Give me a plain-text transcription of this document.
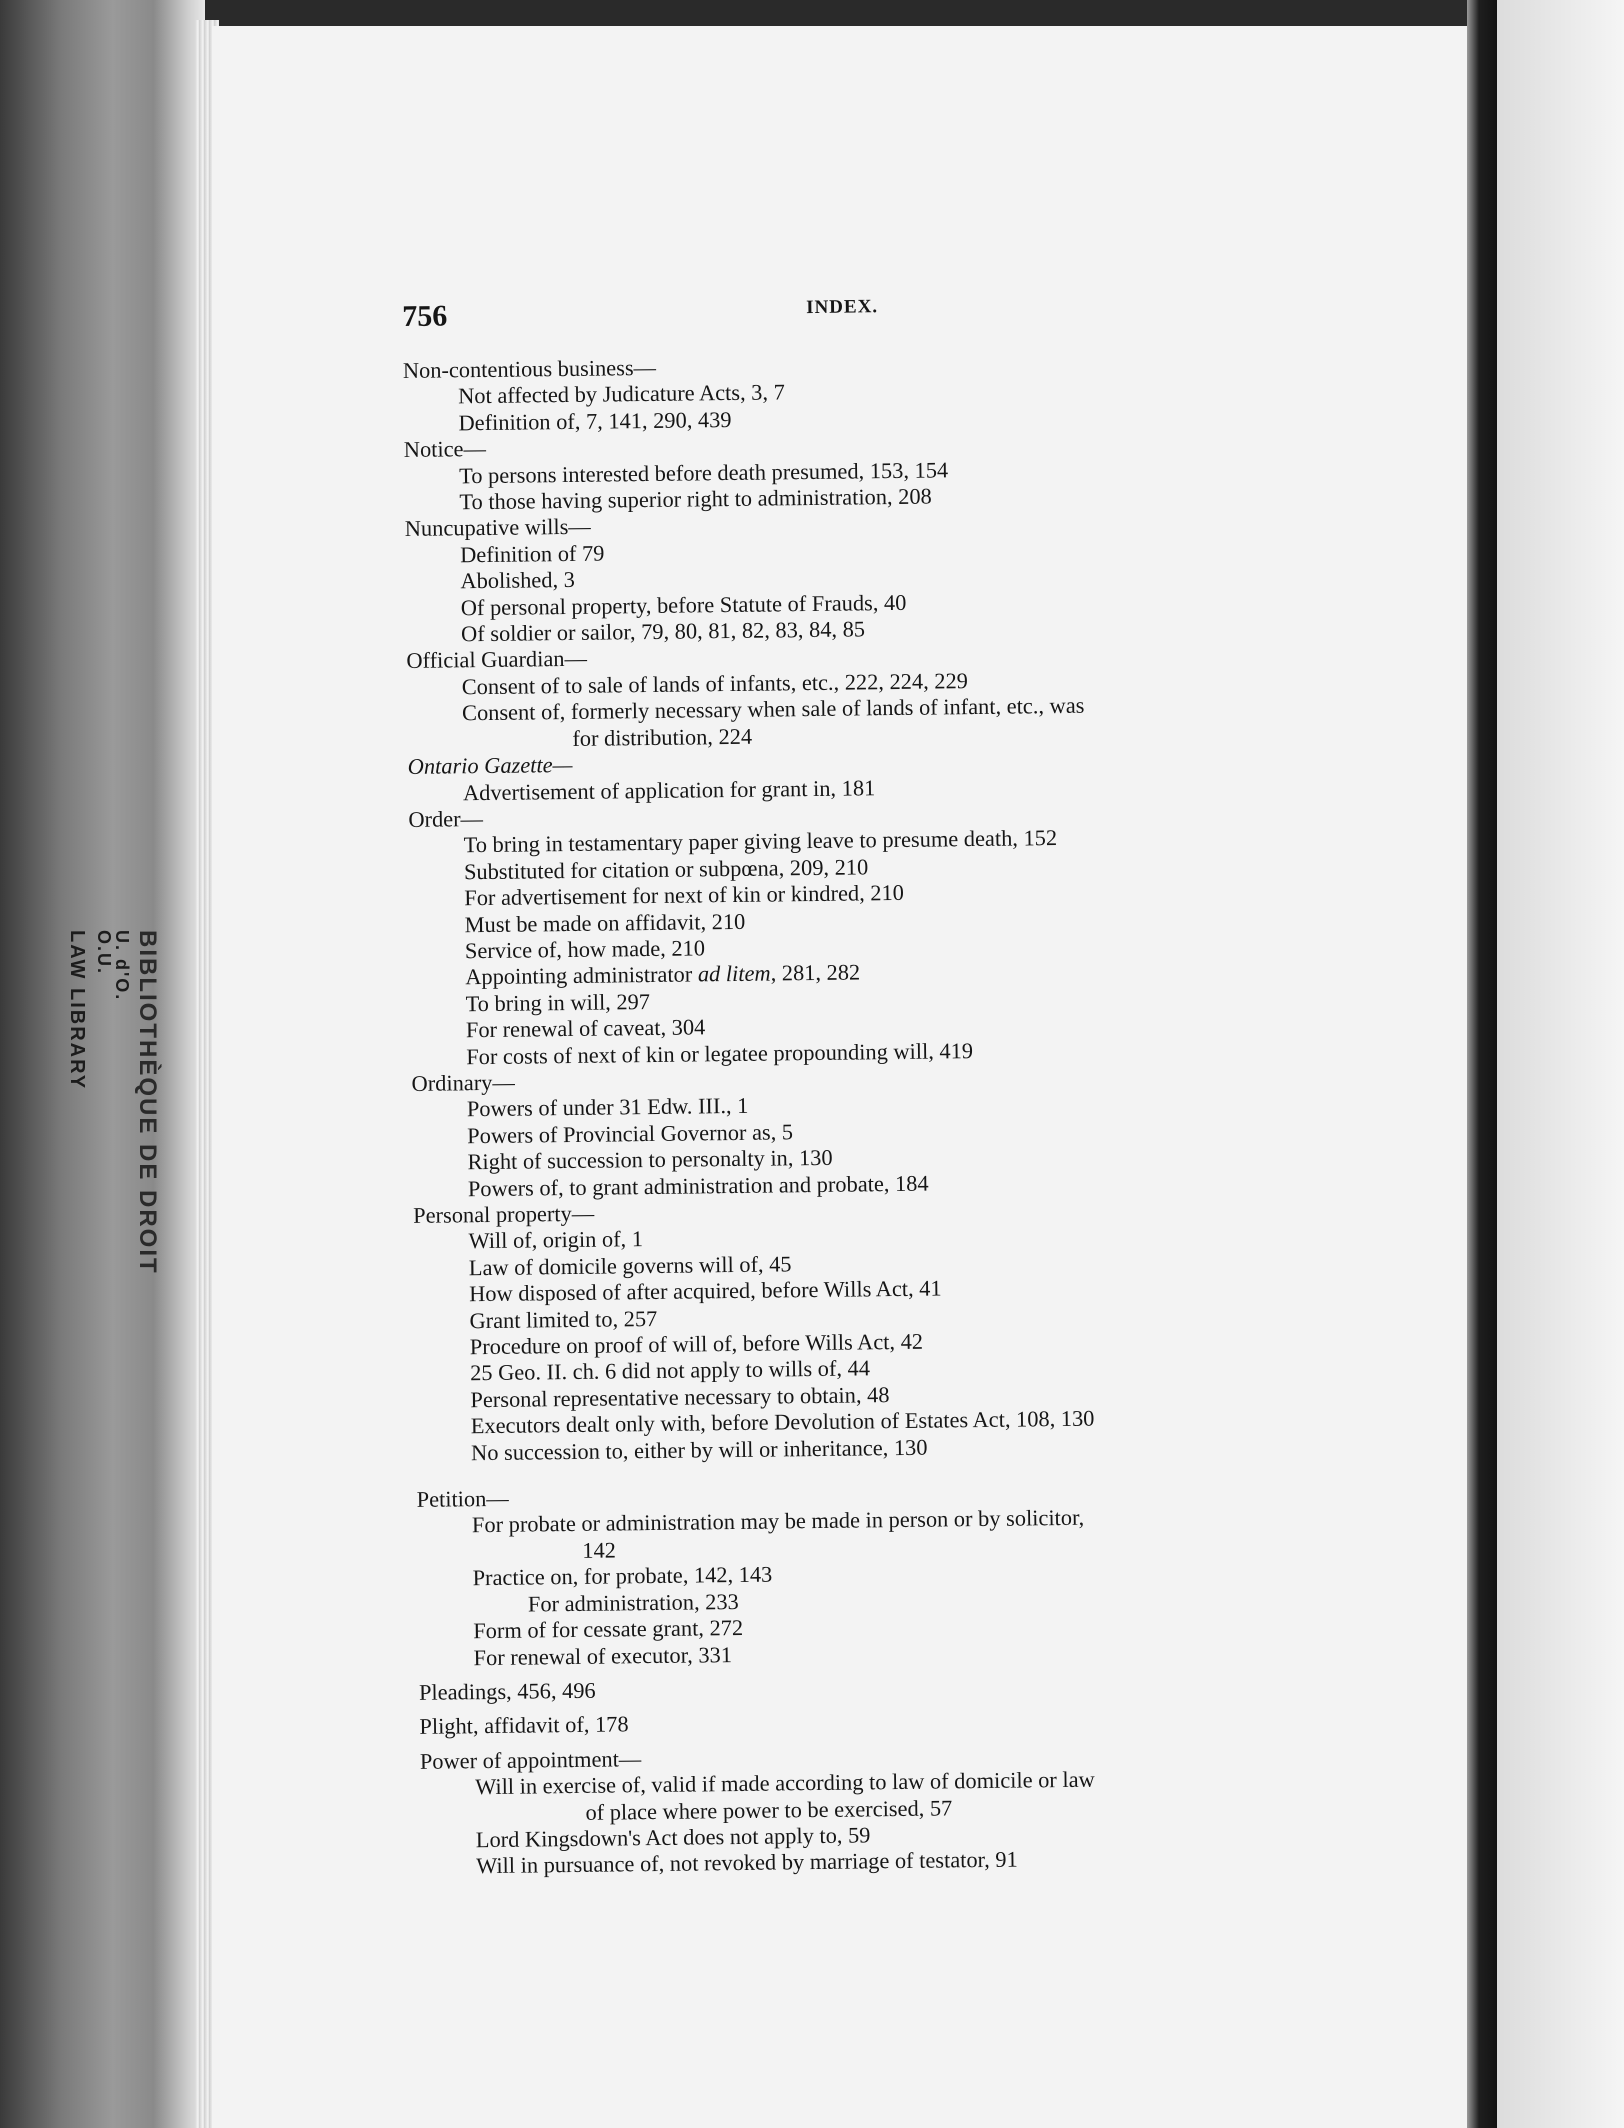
BIBLIOTHÈQUE DE DROIT
U. d'O.
O.U.
LAW LIBRARY
756	INDEX.
Non-contentious business—
Not affected by Judicature Acts, 3, 7
Definition of, 7, 141, 290, 439
Notice—
To persons interested before death presumed, 153, 154
To those having superior right to administration, 208
Nuncupative wills—
Definition of 79
Abolished, 3
Of personal property, before Statute of Frauds, 40
Of soldier or sailor, 79, 80, 81, 82, 83, 84, 85
Official Guardian—
Consent of to sale of lands of infants, etc., 222, 224, 229
Consent of, formerly necessary when sale of lands of infant, etc., was
for distribution, 224
Ontario Gazette—
Advertisement of application for grant in, 181
Order—
To bring in testamentary paper giving leave to presume death, 152
Substituted for citation or subpœna, 209, 210
For advertisement for next of kin or kindred, 210
Must be made on affidavit, 210
Service of, how made, 210
Appointing administrator ad litem, 281, 282
To bring in will, 297
For renewal of caveat, 304
For costs of next of kin or legatee propounding will, 419
Ordinary—
Powers of under 31 Edw. III., 1
Powers of Provincial Governor as, 5
Right of succession to personalty in, 130
Powers of, to grant administration and probate, 184
Personal property—
Will of, origin of, 1
Law of domicile governs will of, 45
How disposed of after acquired, before Wills Act, 41
Grant limited to, 257
Procedure on proof of will of, before Wills Act, 42
25 Geo. II. ch. 6 did not apply to wills of, 44
Personal representative necessary to obtain, 48
Executors dealt only with, before Devolution of Estates Act, 108, 130
No succession to, either by will or inheritance, 130
Petition—
For probate or administration may be made in person or by solicitor,
142
Practice on, for probate, 142, 143
For administration, 233
Form of for cessate grant, 272
For renewal of executor, 331
Pleadings, 456, 496
Plight, affidavit of, 178
Power of appointment—
Will in exercise of, valid if made according to law of domicile or law
of place where power to be exercised, 57
Lord Kingsdown's Act does not apply to, 59
Will in pursuance of, not revoked by marriage of testator, 91
